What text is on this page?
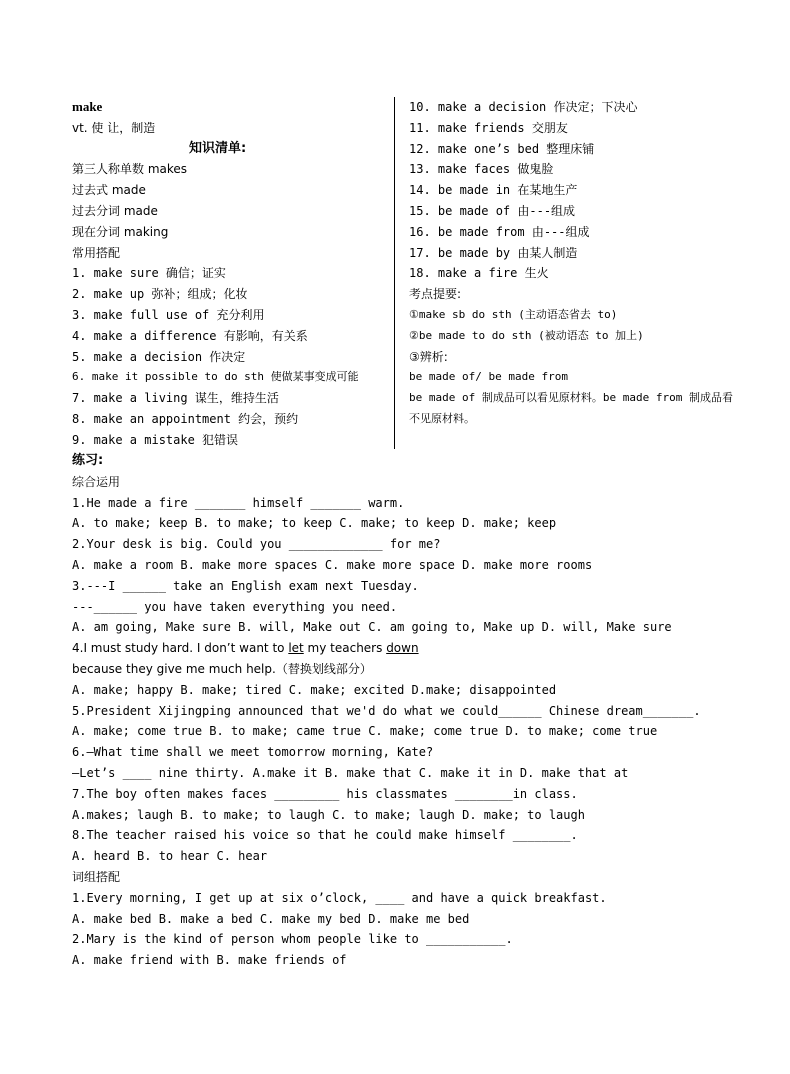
make
vt. 使 让，制造
知识清单:
第三人称单数 makes
过去式 made
过去分词 made
现在分词 making
常用搭配
1. make sure 确信；证实
2. make up 弥补；组成；化妆
3. make full use of 充分利用
4. make a difference 有影响，有关系
5. make a decision 作决定
6. make it possible to do sth 使做某事变成可能
7. make a living 谋生，维持生活
8. make an appointment 约会，预约
9. make a mistake 犯错误
10. make a decision 作决定；下决心
11. make friends 交朋友
12. make one’s bed 整理床铺
13. make faces 做鬼脸
14. be made in 在某地生产
15. be made of 由---组成
16. be made from 由---组成
17. be made by 由某人制造
18. make a fire 生火
考点提要:
①make sb do sth (主动语态省去 to)
②be made to do sth (被动语态 to 加上)
③辨析:
be made of/ be made from
be made of 制成品可以看见原材料。be made from 制成品看不见原材料。
练习:
综合运用
1.He made a fire _______ himself _______ warm.
A. to make; keep B. to make; to keep C. make; to keep D. make; keep
2.Your desk is big. Could you _____________ for me?
A. make a room B. make more spaces C. make more space D. make more rooms
3.---I ______ take an English exam next Tuesday.
---______ you have taken everything you need.
A. am going, Make sure B. will, Make out C. am going to, Make up D. will, Make sure
4.I must study hard. I don’t want to let my teachers down because they give me much help.（替换划线部分）
A. make; happy B. make; tired C. make; excited D.make; disappointed
5.President Xijingping announced that we'd do what we could______ Chinese dream_______.
A. make; come true B. to make; came true C. make; come true D. to make; come true
6.—What time shall we meet tomorrow morning, Kate?
—Let’s ____ nine thirty. A.make it B. make that C. make it in D. make that at
7.The boy often makes faces _________ his classmates ________in class.
A.makes; laugh B. to make; to laugh C. to make; laugh D. make; to laugh
8.The teacher raised his voice so that he could make himself ________.
A. heard B. to hear C. hear
词组搭配
1.Every morning, I get up at six o’clock, ____ and have a quick breakfast.
A. make bed B. make a bed C. make my bed D. make me bed
2.Mary is the kind of person whom people like to ___________.
A. make friend with B. make friends of
